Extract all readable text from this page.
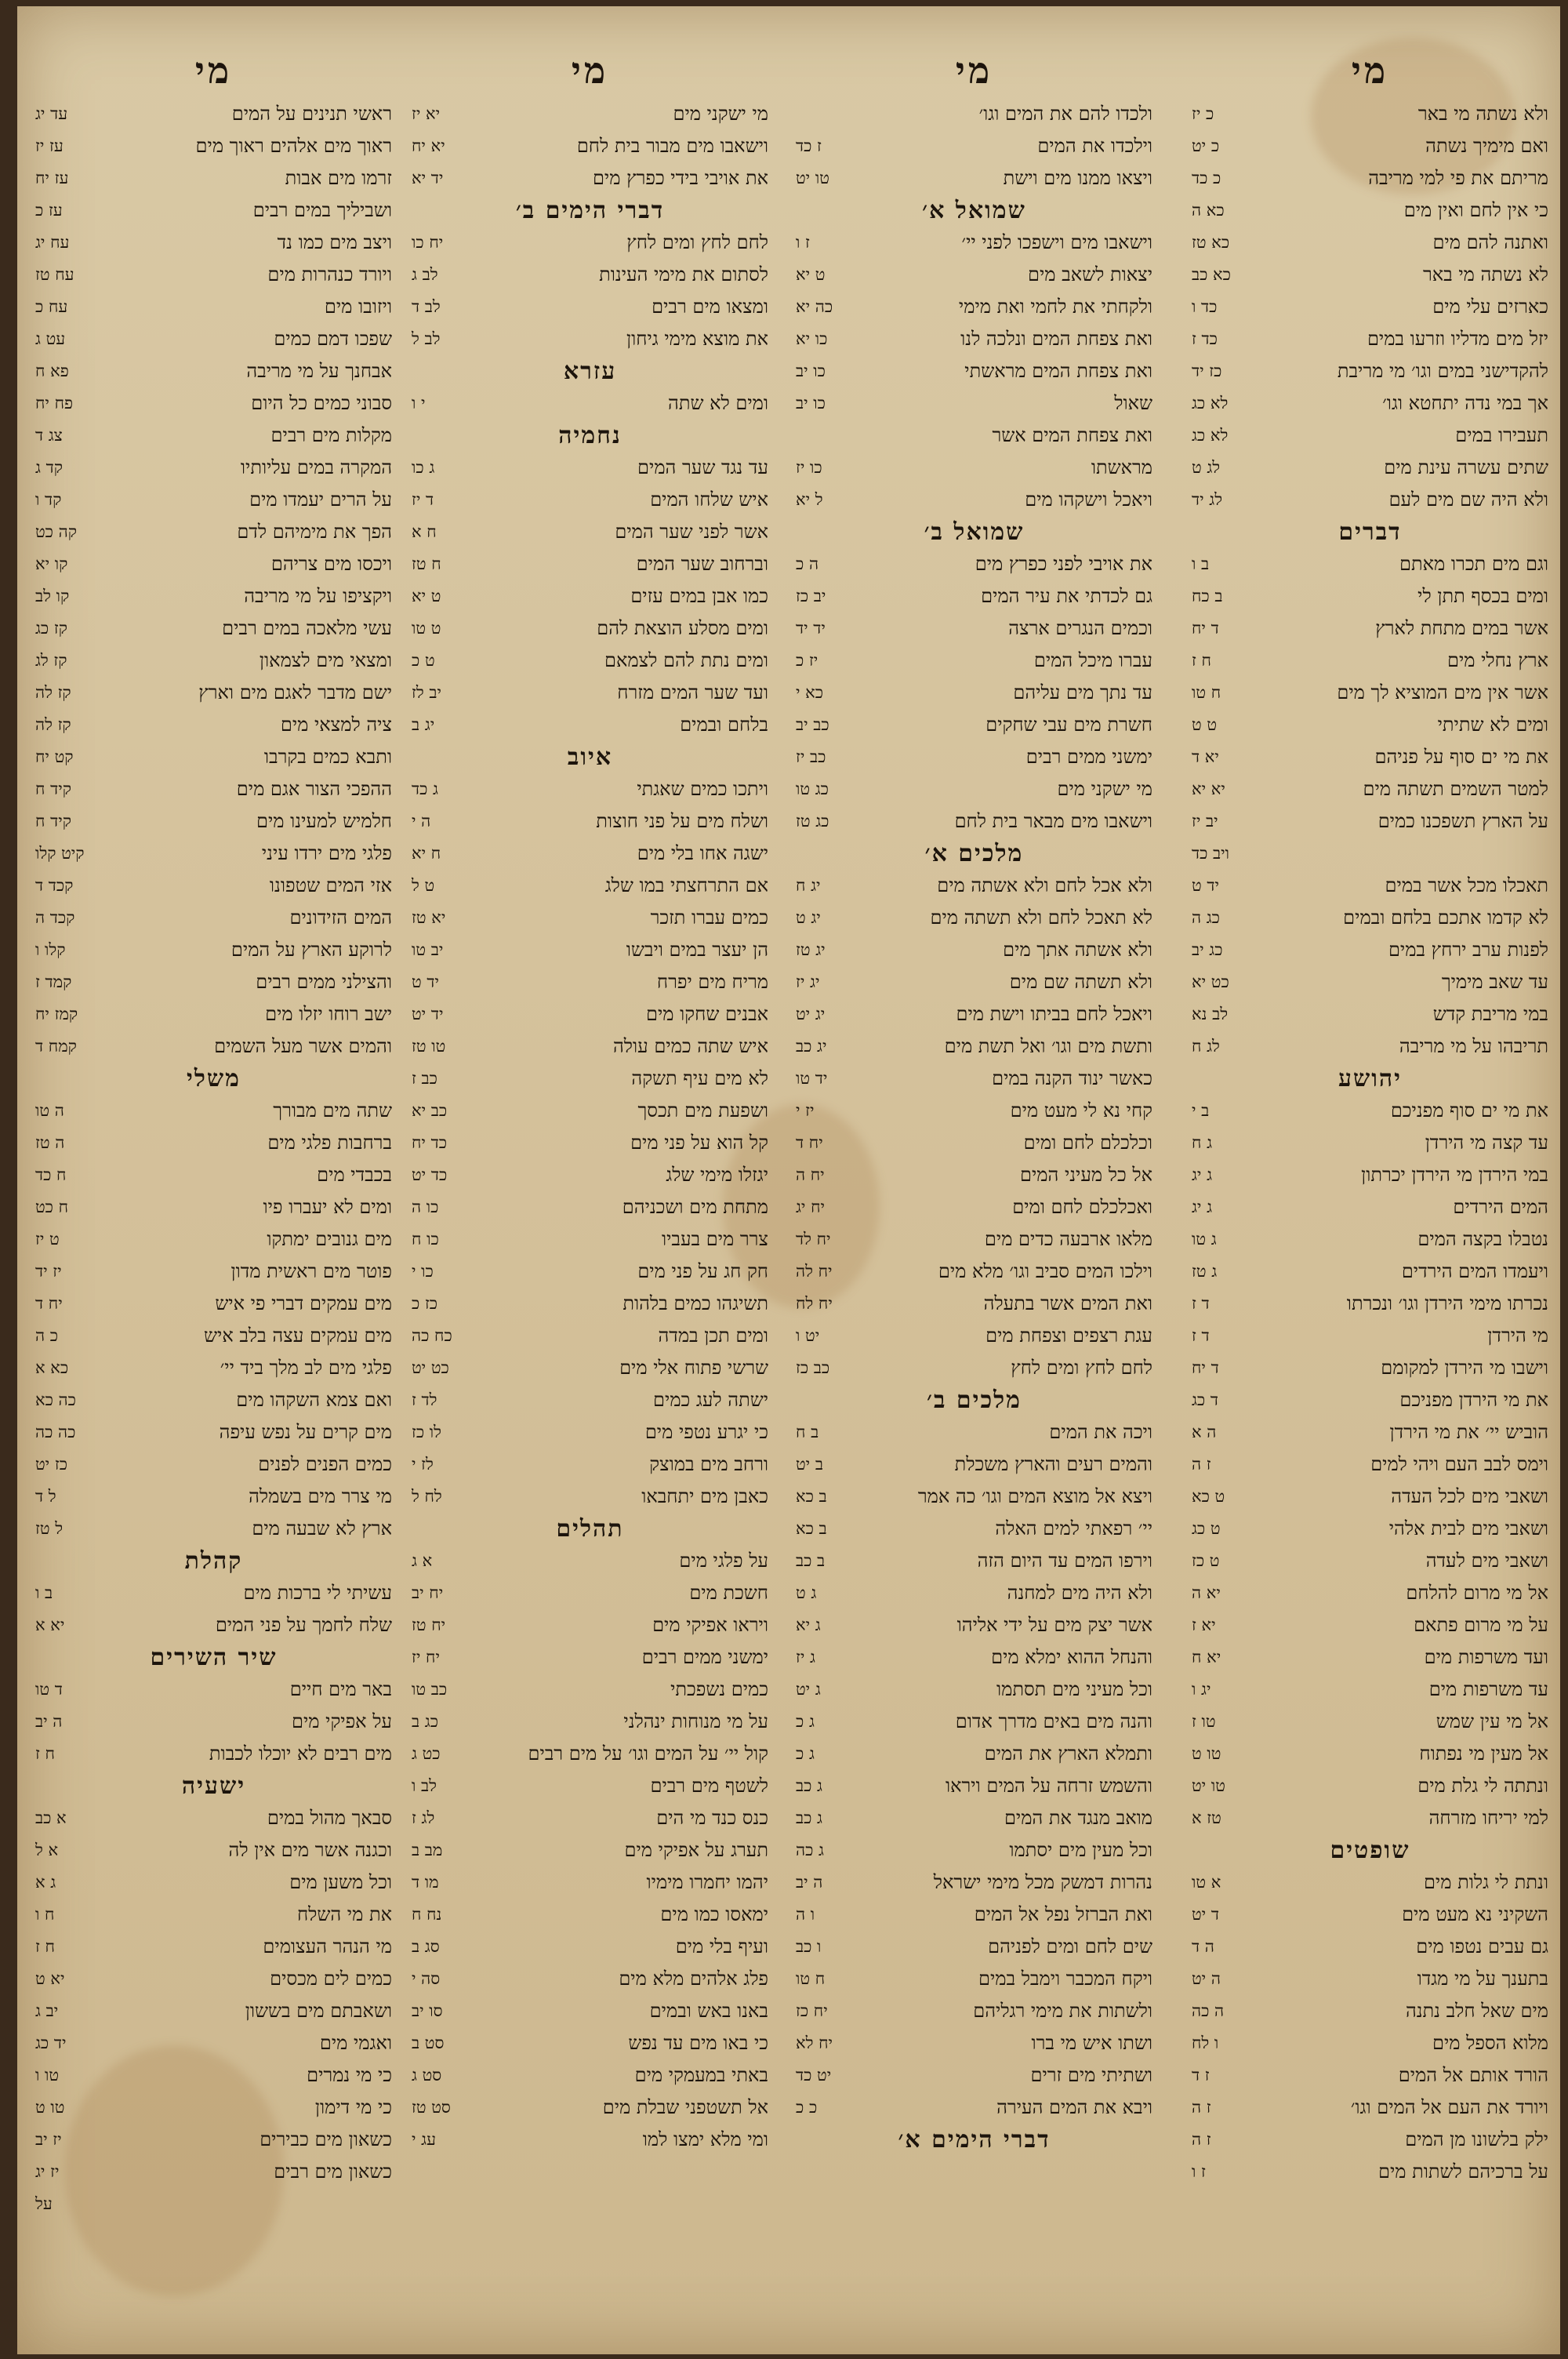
מי
ולא נשתה מי באר
כ יז
ואם מימיך נשתה
כ יט
מריתם את פי למי מריבה
כ כד
כי אין לחם ואין מים
כא ה
ואתנה להם מים
כא טז
לא נשתה מי באר
כא כב
כארזים עלי מים
כד ו
יזל מים מדליו וזרעו במים
כד ז
להקדישני במים וגו׳ מי מריבת
כז יד
אך במי נדה יתחטא וגו׳
לא כג
תעבירו במים
לא כג
שתים עשרה עינת מים
לג ט
ולא היה שם מים לעם
לג יד
דברים
וגם מים תכרו מאתם
ב ו
ומים בכסף תתן לי
ב כח
אשר במים מתחת לארץ
ד יח
ארץ נחלי מים
ח ז
אשר אין מים המוציא לך מים
ח טו
ומים לא שתיתי
ט ט
את מי ים סוף על פניהם
יא ד
למטר השמים תשתה מים
יא יא
על הארץ תשפכנו כמים
יב יז
ויב כד
תאכלו מכל אשר במים
יד ט
לא קדמו אתכם בלחם ובמים
כג ה
לפנות ערב ירחץ במים
כג יב
עד שאב מימיך
כט יא
במי מריבת קדש
לב נא
תריבהו על מי מריבה
לג ח
יהושע
את מי ים סוף מפניכם
ב י
עד קצה מי הירדן
ג ח
במי הירדן מי הירדן יכרתון
ג יג
המים הירדים
ג יג
נטבלו בקצה המים
ג טו
ויעמדו המים הירדים
ג טז
נכרתו מימי הירדן וגו׳ ונכרתו
ד ז
מי הירדן
ד ז
וישבו מי הירדן למקומם
ד יח
את מי הירדן מפניכם
ד כג
הוביש יי׳ את מי הירדן
ה א
וימס לבב העם ויהי למים
ז ה
ושאבי מים לכל העדה
ט כא
ושאבי מים לבית אלהי
ט כג
ושאבי מים לעדה
ט כז
אל מי מרום להלחם
יא ה
על מי מרום פתאם
יא ז
ועד משרפות מים
יא ח
עד משרפות מים
יג ו
אל מי עין שמש
טו ז
אל מעין מי נפתוח
טו ט
ונתתה לי גלת מים
טו יט
למי יריחו מזרחה
טז א
שופטים
ונתת לי גלות מים
א טו
השקיני נא מעט מים
ד יט
גם עבים נטפו מים
ה ד
בתענך על מי מגדו
ה יט
מים שאל חלב נתנה
ה כה
מלוא הספל מים
ו לח
הורד אותם אל המים
ז ד
ויורד את העם אל המים וגו׳
ז ה
ילק בלשונו מן המים
ז ה
על ברכיהם לשתות מים
ז ו
מי
ולכדו להם את המים וגו׳
וילכדו את המים
ז כד
ויצאו ממנו מים וישת
טו יט
שמואל א׳
וישאבו מים וישפכו לפני יי׳
ז ו
יצאות לשאב מים
ט יא
ולקחתי את לחמי ואת מימי
כה יא
ואת צפחת המים ונלכה לנו
כו יא
ואת צפחת המים מראשתי
כו יב
שאול
כו יב
ואת צפחת המים אשר
מראשתו
כו יז
ויאכל וישקהו מים
ל יא
שמואל ב׳
את אויבי לפני כפרץ מים
ה כ
גם לכדתי את עיר המים
יב כז
וכמים הנגרים ארצה
יד יד
עברו מיכל המים
יז כ
עד נתך מים עליהם
כא י
חשרת מים עבי שחקים
כב יב
ימשני ממים רבים
כב יז
מי ישקני מים
כג טו
וישאבו מים מבאר בית לחם
כג טז
מלכים א׳
ולא אכל לחם ולא אשתה מים
יג ח
לא תאכל לחם ולא תשתה מים
יג ט
ולא אשתה אתך מים
יג טז
ולא תשתה שם מים
יג יז
ויאכל לחם בביתו וישת מים
יג יט
ותשת מים וגו׳ ואל תשת מים
יג כב
כאשר ינוד הקנה במים
יד טו
קחי נא לי מעט מים
יז י
וכלכלם לחם ומים
יח ד
אל כל מעיני המים
יח ה
ואכלכלם לחם ומים
יח יג
מלאו ארבעה כדים מים
יח לד
וילכו המים סביב וגו׳ מלא מים
יח לה
ואת המים אשר בתעלה
יח לח
עגת רצפים וצפחת מים
יט ו
לחם לחץ ומים לחץ
כב כז
מלכים ב׳
ויכה את המים
ב ח
והמים רעים והארץ משכלת
ב יט
ויצא אל מוצא המים וגו׳ כה אמר
ב כא
יי׳ רפאתי למים האלה
ב כא
וירפו המים עד היום הזה
ב כב
ולא היה מים למחנה
ג ט
אשר יצק מים על ידי אליהו
ג יא
והנחל ההוא ימלא מים
ג יז
וכל מעיני מים תסתמו
ג יט
והנה מים באים מדרך אדום
ג כ
ותמלא הארץ את המים
ג כ
והשמש זרחה על המים ויראו
ג כב
מואב מנגד את המים
ג כב
וכל מעין מים יסתמו
ג כה
נהרות דמשק מכל מימי ישראל
ה יב
ואת הברזל נפל אל המים
ו ה
שים לחם ומים לפניהם
ו כב
ויקח המכבר וימבל במים
ח טו
ולשתות את מימי רגליהם
יח כז
ושתו איש מי ברו
יח לא
ושתיתי מים זרים
יט כד
ויבא את המים העירה
כ כ
דברי הימים א׳
מי
מי ישקני מים
יא יז
וישאבו מים מבור בית לחם
יא יח
את אויבי בידי כפרץ מים
יד יא
דברי הימים ב׳
לחם לחץ ומים לחץ
יח כו
לסתום את מימי העינות
לב ג
ומצאו מים רבים
לב ד
את מוצא מימי גיחון
לב ל
עזרא
ומים לא שתה
י ו
נחמיה
עד נגד שער המים
ג כו
איש שלחו המים
ד יז
אשר לפני שער המים
ח א
וברחוב שער המים
ח טז
כמו אבן במים עזים
ט יא
ומים מסלע הוצאת להם
ט טו
ומים נתת להם לצמאם
ט כ
ועד שער המים מזרח
יב לז
בלחם ובמים
יג ב
איוב
ויתכו כמים שאגתי
ג כד
ושלח מים על פני חוצות
ה י
ישגה אחו בלי מים
ח יא
אם התרחצתי במו שלג
ט ל
כמים עברו תזכר
יא טז
הן יעצר במים ויבשו
יב טו
מריח מים יפרח
יד ט
אבנים שחקו מים
יד יט
איש שתה כמים עולה
טו טז
לא מים עיף תשקה
כב ז
ושפעת מים תכסך
כב יא
קל הוא על פני מים
כד יח
יגזלו מימי שלג
כד יט
מתחת מים ושכניהם
כו ה
צרר מים בעביו
כו ח
חק חג על פני מים
כו י
תשיגהו כמים בלהות
כז כ
ומים תכן במדה
כח כה
שרשי פתוח אלי מים
כט יט
ישתה לעג כמים
לד ז
כי יגרע נטפי מים
לו כז
ורחב מים במוצק
לז י
כאבן מים יתחבאו
לח ל
תהלים
על פלגי מים
א ג
חשכת מים
יח יב
ויראו אפיקי מים
יח טז
ימשני ממים רבים
יח יז
כמים נשפכתי
כב טו
על מי מנוחות ינהלני
כג ב
קול יי׳ על המים וגו׳ על מים רבים
כט ג
לשטף מים רבים
לב ו
כנס כנד מי הים
לג ז
תערג על אפיקי מים
מב ב
יהמו יחמרו מימיו
מו ד
ימאסו כמו מים
נח ח
ועיף בלי מים
סג ב
פלג אלהים מלא מים
סה י
באנו באש ובמים
סו יב
כי באו מים עד נפש
סט ב
באתי במעמקי מים
סט ג
אל תשטפני שבלת מים
סט טז
ומי מלא ימצו למו
עג י
מי
ראשי תנינים על המים
עד יג
ראוך מים אלהים ראוך מים
עז יז
זרמו מים אבות
עז יח
ושביליך במים רבים
עז כ
ויצב מים כמו נד
עח יג
ויורד כנהרות מים
עח טז
ויזובו מים
עח כ
שפכו דמם כמים
עט ג
אבחנך על מי מריבה
פא ח
סבוני כמים כל היום
פח יח
מקלות מים רבים
צג ד
המקרה במים עליותיו
קד ג
על הרים יעמדו מים
קד ו
הפך את מימיהם לדם
קה כט
ויכסו מים צריהם
קו יא
ויקציפו על מי מריבה
קו לב
עשי מלאכה במים רבים
קז כג
ומצאי מים לצמאון
קז לג
ישם מדבר לאגם מים וארץ
קז לה
ציה למצאי מים
קז לה
ותבא כמים בקרבו
קט יח
ההפכי הצור אגם מים
קיד ח
חלמיש למעינו מים
קיד ח
פלגי מים ירדו עיני
קיט קלו
אזי המים שטפונו
קכד ד
המים הזידונים
קכד ה
לרוקע הארץ על המים
קלו ו
והצילני ממים רבים
קמד ז
ישב רוחו יזלו מים
קמז יח
והמים אשר מעל השמים
קמח ד
משלי
שתה מים מבורך
ה טו
ברחבות פלגי מים
ה טז
בכבדי מים
ח כד
ומים לא יעברו פיו
ח כט
מים גנובים ימתקו
ט יז
פוטר מים ראשית מדון
יז יד
מים עמקים דברי פי איש
יח ד
מים עמקים עצה בלב איש
כ ה
פלגי מים לב מלך ביד יי׳
כא א
ואם צמא השקהו מים
כה כא
מים קרים על נפש עיפה
כה כה
כמים הפנים לפנים
כז יט
מי צרר מים בשמלה
ל ד
ארץ לא שבעה מים
ל טז
קהלת
עשיתי לי ברכות מים
ב ו
שלח לחמך על פני המים
יא א
שיר השירים
באר מים חיים
ד טו
על אפיקי מים
ה יב
מים רבים לא יוכלו לכבות
ח ז
ישעיה
סבאך מהול במים
א כב
וכגנה אשר מים אין לה
א ל
וכל משען מים
ג א
את מי השלח
ח ו
מי הנהר העצומים
ח ז
כמים לים מכסים
יא ט
ושאבתם מים בששון
יב ג
ואגמי מים
יד כג
כי מי נמרים
טו ו
כי מי דימון
טו ט
כשאון מים כבירים
יז יב
כשאון מים רבים
יז יג
על
